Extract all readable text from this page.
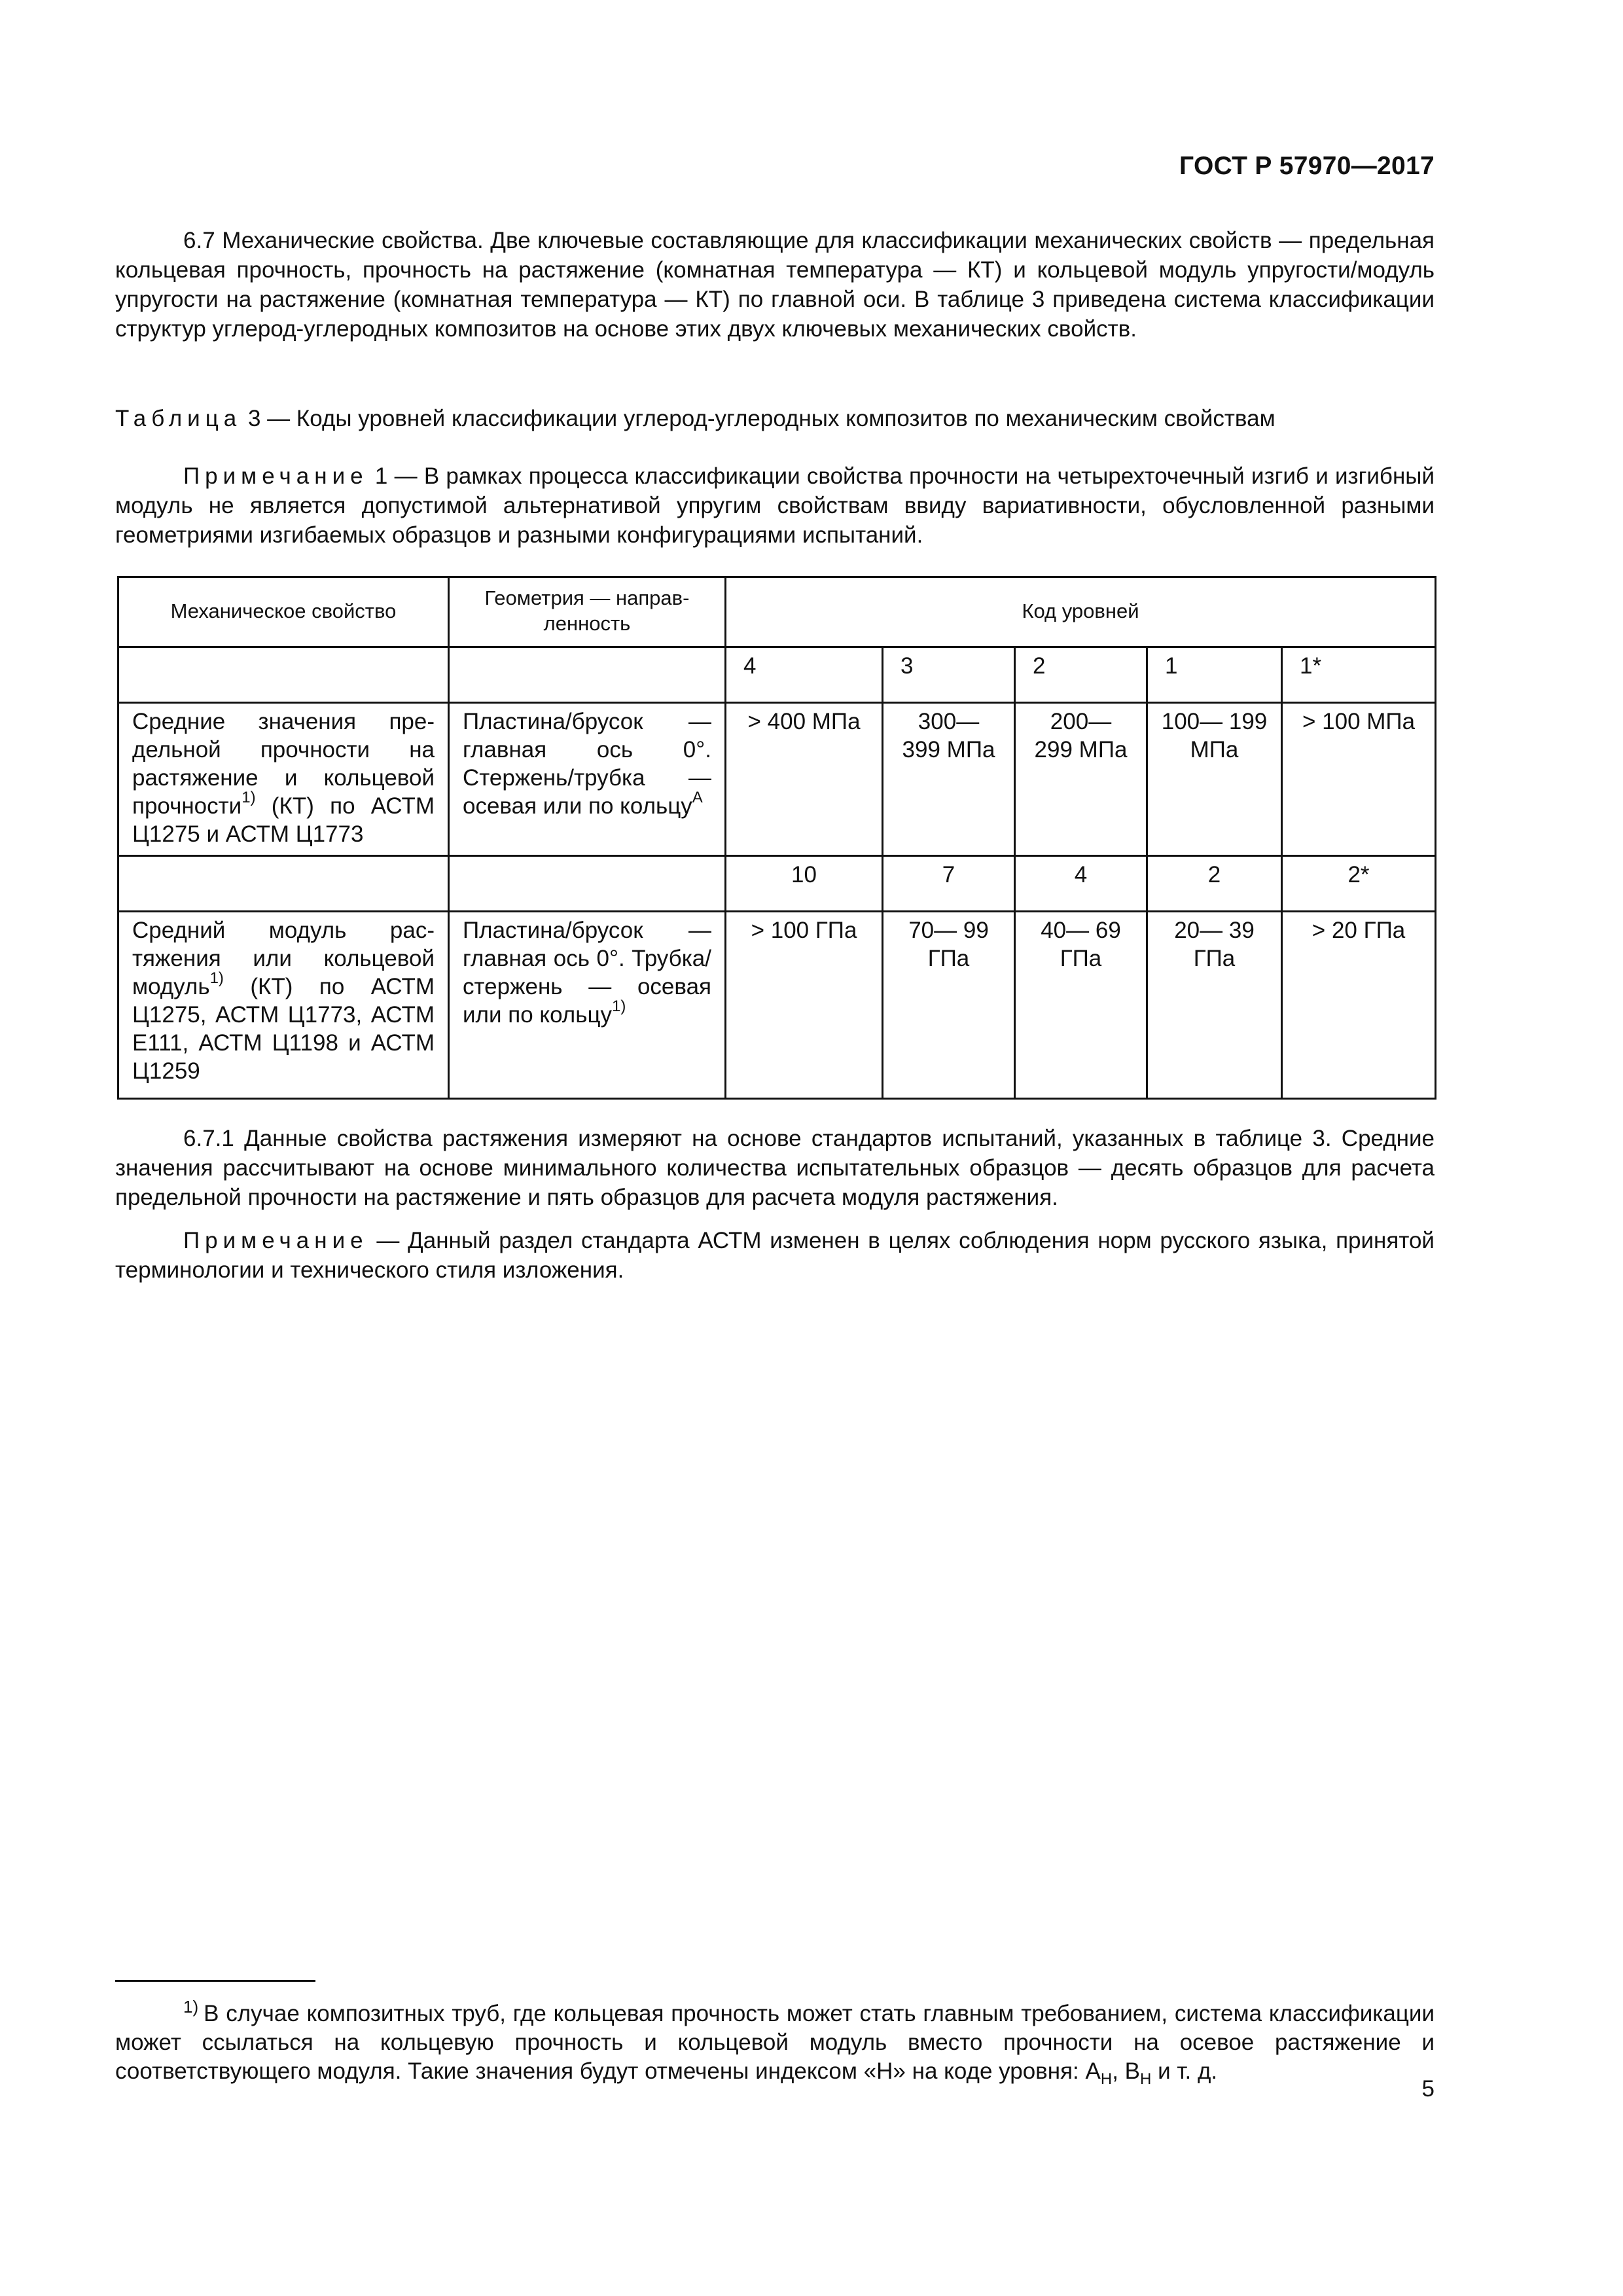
ГОСТ Р 57970—2017

6.7 Механические свойства. Две ключевые составляющие для классификации механических свойств — предельная кольцевая прочность, прочность на растяжение (комнатная температура — КТ) и кольцевой модуль упругости/модуль упругости на растяжение (комнатная температура — КТ) по главной оси. В таблице 3 приведена система классификации структур углерод-углеродных композитов на основе этих двух ключевых механических свойств.

Таблица 3 — Коды уровней классификации углерод-углеродных композитов по механическим свойствам

Примечание 1 — В рамках процесса классификации свойства прочности на четырехточечный изгиб и изгибный модуль не является допустимой альтернативой упругим свойствам ввиду вариативности, обусловленной разными геометриями изгибаемых образцов и разными конфигурациями испытаний.

Механическое свойство	Геометрия — направленность	Код уровней				
		4	3	2	1	1*
Средние значения предельной прочности на растяжение и кольцевой прочности$^{1)}$ (КТ) по АСТМ Ц1275 и АСТМ Ц1773	Пластина/брусок — главная ось 0°. Стержень/трубка — осевая или по кольцу$^A$	> 400 МПа	300— 399 МПа	200— 299 МПа	100— 199 МПа	> 100 МПа
		10	7	4	2	2*
Средний модуль растяжения или кольцевой модуль$^{1)}$ (КТ) по АСТМ Ц1275, АСТМ Ц1773, АСТМ Е111, АСТМ Ц1198 и АСТМ Ц1259	Пластина/брусок — главная ось 0°. Трубка/стержень — осевая или по кольцу$^{1)}$	> 100 ГПа	70— 99 ГПа	40— 69 ГПа	20— 39 ГПа	> 20 ГПа

6.7.1 Данные свойства растяжения измеряют на основе стандартов испытаний, указанных в таблице 3. Средние значения рассчитывают на основе минимального количества испытательных образцов — десять образцов для расчета предельной прочности на растяжение и пять образцов для расчета модуля растяжения.

Примечание — Данный раздел стандарта АСТМ изменен в целях соблюдения норм русского языка, принятой терминологии и технического стиля изложения.

$^{1)}$ В случае композитных труб, где кольцевая прочность может стать главным требованием, система классификации может ссылаться на кольцевую прочность и кольцевой модуль вместо прочности на осевое растяжение и соответствующего модуля. Такие значения будут отмечены индексом «Н» на коде уровня: $A_Н$, $B_Н$ и т. д.

5
